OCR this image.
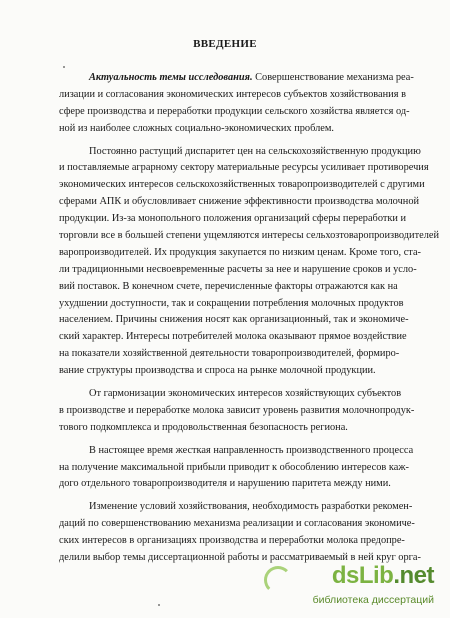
ВВЕДЕНИЕ
Актуальность темы исследования. Совершенствование механизма реа-
лизации и согласования экономических интересов субъектов хозяйствования в
сфере производства и переработки продукции сельского хозяйства является од-
ной из наиболее сложных социально-экономических проблем.
Постоянно растущий диспаритет цен на сельскохозяйственную продукцию
и поставляемые аграрному сектору материальные ресурсы усиливает противоречия
экономических интересов сельскохозяйственных товаропроизводителей с другими
сферами АПК и обусловливает снижение эффективности производства молочной
продукции. Из-за монопольного положения организаций сферы переработки и
торговли все в большей степени ущемляются интересы сельхозтоваропроизводителей
варопроизводителей. Их продукция закупается по низким ценам. Кроме того, ста-
ли традиционными несвоевременные расчеты за нее и нарушение сроков и усло-
вий поставок. В конечном счете, перечисленные факторы отражаются как на
ухудшении доступности, так и сокращении потребления молочных продуктов
населением. Причины снижения носят как организационный, так и экономиче-
ский характер. Интересы потребителей молока оказывают прямое воздействие
на показатели хозяйственной деятельности товаропроизводителей, формиро-
вание структуры производства и спроса на рынке молочной продукции.
От гармонизации экономических интересов хозяйствующих субъектов
в производстве и переработке молока зависит уровень развития молочнопродук-
тового подкомплекса и продовольственная безопасность региона.
В настоящее время жесткая направленность производственного процесса
на получение максимальной прибыли приводит к обособлению интересов каж-
дого отдельного товаропроизводителя и нарушению паритета между ними.
Изменение условий хозяйствования, необходимость разработки рекомен-
даций по совершенствованию механизма реализации и согласования экономиче-
ских интересов в организациях производства и переработки молока предопре-
делили выбор темы диссертационной работы и рассматриваемый в ней круг орга-
dsLib.net
библиотека диссертаций
